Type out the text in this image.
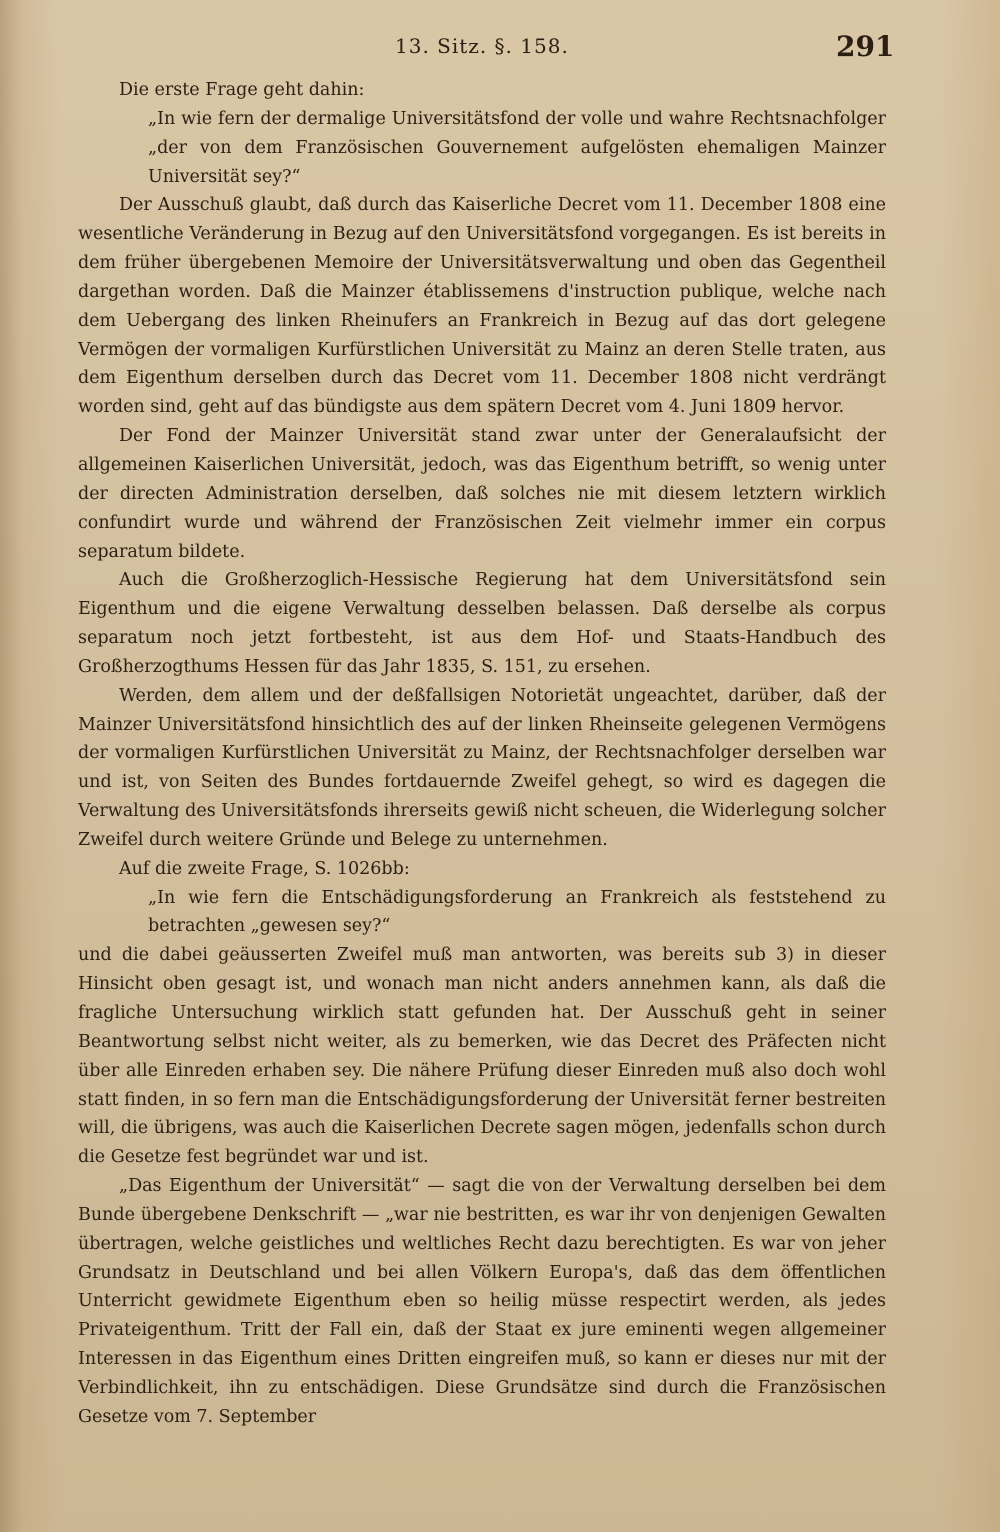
13. Sitz. §. 158.	291

Die erste Frage geht dahin:

„In wie fern der dermalige Universitätsfond der volle und wahre Rechtsnachfolger „der von dem Französischen Gouvernement aufgelösten ehemaligen Mainzer Universität sey?“

Der Ausschuß glaubt, daß durch das Kaiserliche Decret vom 11. December 1808 eine wesentliche Veränderung in Bezug auf den Universitätsfond vorgegangen. Es ist bereits in dem früher übergebenen Memoire der Universitätsverwaltung und oben das Gegentheil dargethan worden. Daß die Mainzer établissemens d'instruction publique, welche nach dem Uebergang des linken Rheinufers an Frankreich in Bezug auf das dort gelegene Vermögen der vormaligen Kurfürstlichen Universität zu Mainz an deren Stelle traten, aus dem Eigenthum derselben durch das Decret vom 11. December 1808 nicht verdrängt worden sind, geht auf das bündigste aus dem spätern Decret vom 4. Juni 1809 hervor.

Der Fond der Mainzer Universität stand zwar unter der Generalaufsicht der allgemeinen Kaiserlichen Universität, jedoch, was das Eigenthum betrifft, so wenig unter der directen Administration derselben, daß solches nie mit diesem letztern wirklich confundirt wurde und während der Französischen Zeit vielmehr immer ein corpus separatum bildete.

Auch die Großherzoglich-Hessische Regierung hat dem Universitätsfond sein Eigenthum und die eigene Verwaltung desselben belassen. Daß derselbe als corpus separatum noch jetzt fortbesteht, ist aus dem Hof- und Staats-Handbuch des Großherzogthums Hessen für das Jahr 1835, S. 151, zu ersehen.

Werden, dem allem und der deßfallsigen Notorietät ungeachtet, darüber, daß der Mainzer Universitätsfond hinsichtlich des auf der linken Rheinseite gelegenen Vermögens der vormaligen Kurfürstlichen Universität zu Mainz, der Rechtsnachfolger derselben war und ist, von Seiten des Bundes fortdauernde Zweifel gehegt, so wird es dagegen die Verwaltung des Universitätsfonds ihrerseits gewiß nicht scheuen, die Widerlegung solcher Zweifel durch weitere Gründe und Belege zu unternehmen.

Auf die zweite Frage, S. 1026bb:

„In wie fern die Entschädigungsforderung an Frankreich als feststehend zu betrachten „gewesen sey?“

und die dabei geäusserten Zweifel muß man antworten, was bereits sub 3) in dieser Hinsicht oben gesagt ist, und wonach man nicht anders annehmen kann, als daß die fragliche Untersuchung wirklich statt gefunden hat. Der Ausschuß geht in seiner Beantwortung selbst nicht weiter, als zu bemerken, wie das Decret des Präfecten nicht über alle Einreden erhaben sey. Die nähere Prüfung dieser Einreden muß also doch wohl statt finden, in so fern man die Entschädigungsforderung der Universität ferner bestreiten will, die übrigens, was auch die Kaiserlichen Decrete sagen mögen, jedenfalls schon durch die Gesetze fest begründet war und ist.

„Das Eigenthum der Universität“ — sagt die von der Verwaltung derselben bei dem Bunde übergebene Denkschrift — „war nie bestritten, es war ihr von denjenigen Gewalten übertragen, welche geistliches und weltliches Recht dazu berechtigten. Es war von jeher Grundsatz in Deutschland und bei allen Völkern Europa's, daß das dem öffentlichen Unterricht gewidmete Eigenthum eben so heilig müsse respectirt werden, als jedes Privateigenthum. Tritt der Fall ein, daß der Staat ex jure eminenti wegen allgemeiner Interessen in das Eigenthum eines Dritten eingreifen muß, so kann er dieses nur mit der Verbindlichkeit, ihn zu entschädigen. Diese Grundsätze sind durch die Französischen Gesetze vom 7. September
